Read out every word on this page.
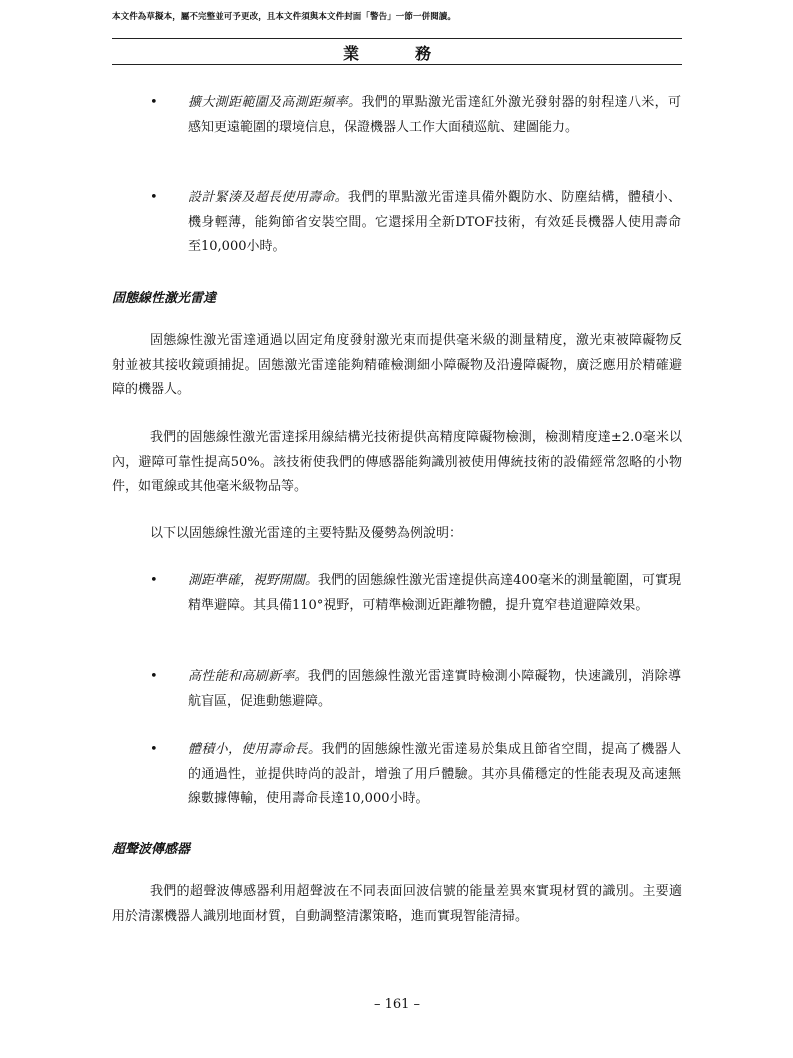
本文件為草擬本，屬不完整並可予更改，且本文件須與本文件封面「警告」一節一併閱讀。
業　務
• 擴大測距範圍及高測距頻率。我們的單點激光雷達紅外激光發射器的射程達八米，可感知更遠範圍的環境信息，保證機器人工作大面積巡航、建圖能力。

• 設計緊湊及超長使用壽命。我們的單點激光雷達具備外觀防水、防塵結構，體積小、機身輕薄，能夠節省安裝空間。它還採用全新DTOF技術，有效延長機器人使用壽命至10,000小時。

固態線性激光雷達

固態線性激光雷達通過以固定角度發射激光束而提供毫米級的測量精度，激光束被障礙物反射並被其接收鏡頭捕捉。固態激光雷達能夠精確檢測細小障礙物及沿邊障礙物，廣泛應用於精確避障的機器人。

我們的固態線性激光雷達採用線結構光技術提供高精度障礙物檢測，檢測精度達±2.0毫米以內，避障可靠性提高50%。該技術使我們的傳感器能夠識別被使用傳統技術的設備經常忽略的小物件，如電線或其他毫米級物品等。

以下以固態線性激光雷達的主要特點及優勢為例說明：

• 測距準確，視野開闊。我們的固態線性激光雷達提供高達400毫米的測量範圍，可實現精準避障。其具備110°視野，可精準檢測近距離物體，提升寬窄巷道避障效果。

• 高性能和高刷新率。我們的固態線性激光雷達實時檢測小障礙物，快速識別，消除導航盲區，促進動態避障。

• 體積小，使用壽命長。我們的固態線性激光雷達易於集成且節省空間，提高了機器人的通過性，並提供時尚的設計，增強了用戶體驗。其亦具備穩定的性能表現及高速無線數據傳輸，使用壽命長達10,000小時。

超聲波傳感器

我們的超聲波傳感器利用超聲波在不同表面回波信號的能量差異來實現材質的識別。主要適用於清潔機器人識別地面材質，自動調整清潔策略，進而實現智能清掃。

– 161 –
